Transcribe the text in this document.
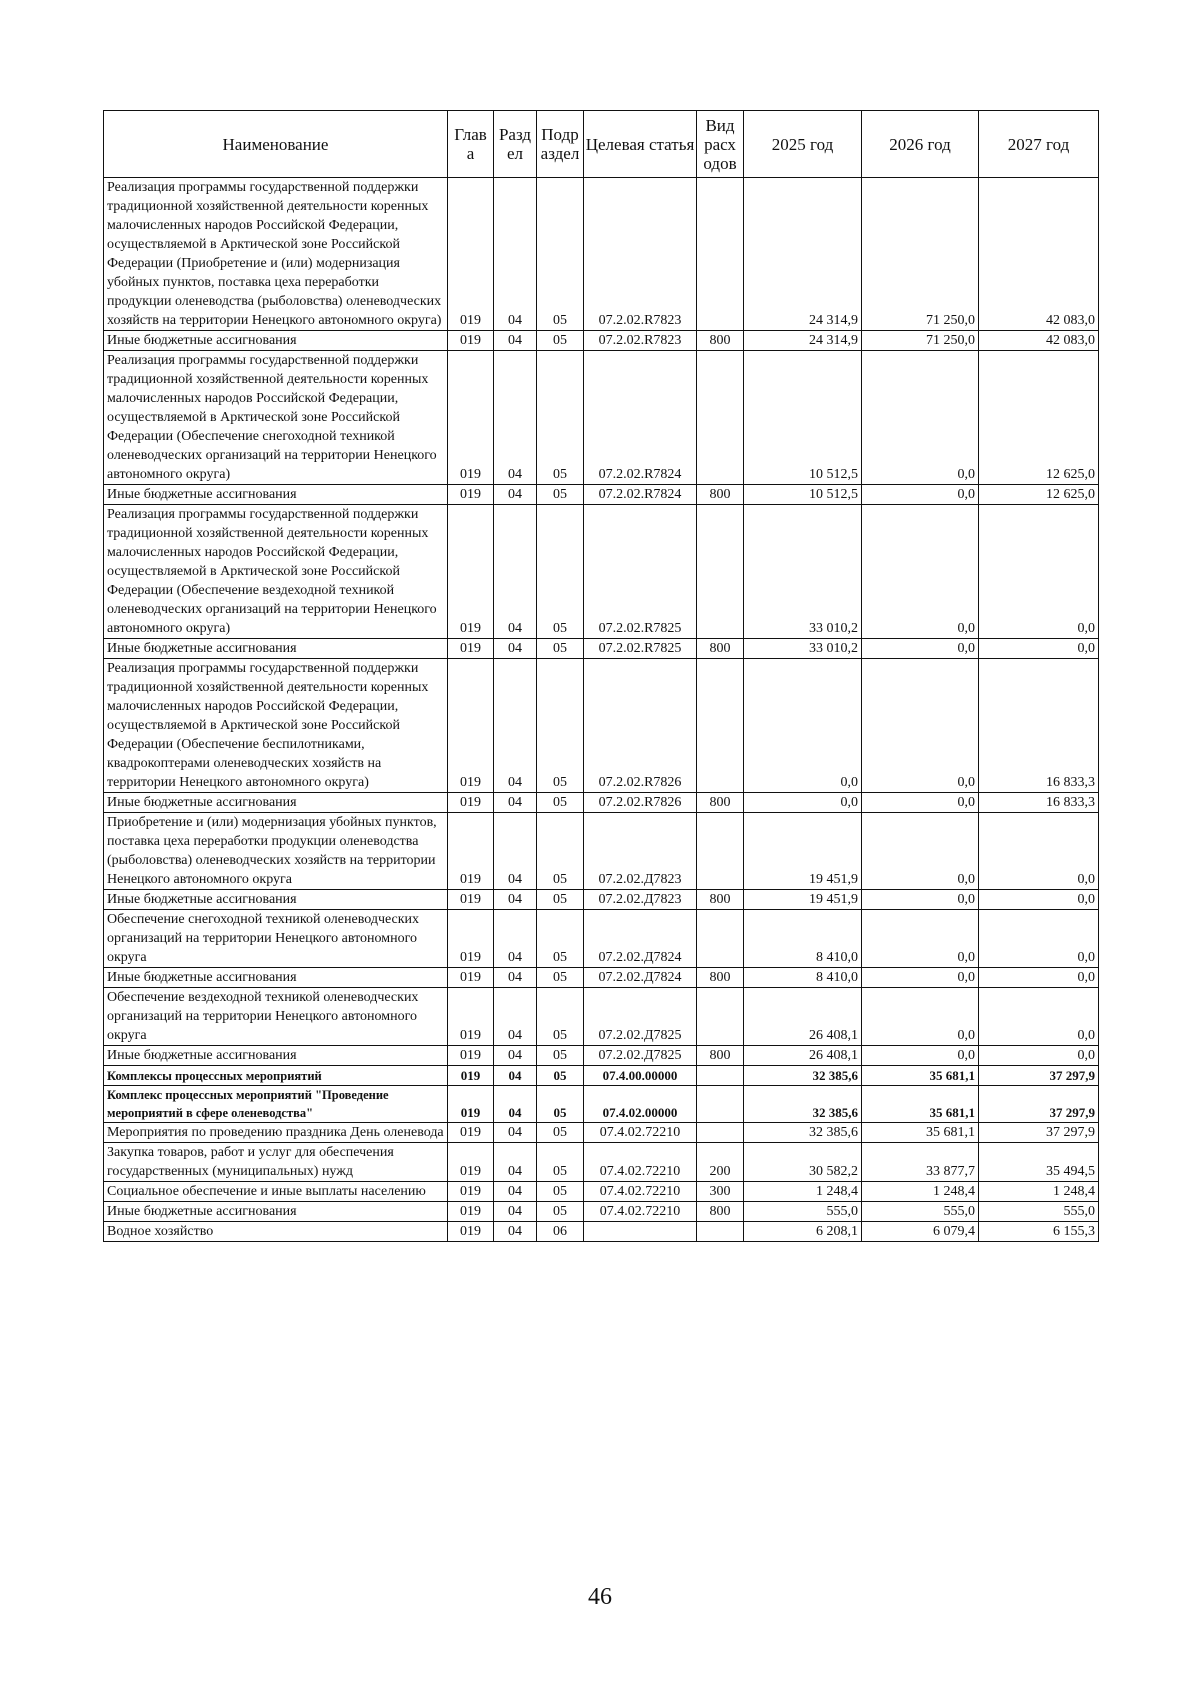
Наименование	Глав а	Разд ел	Подр аздел	Целевая статья	Вид расх одов	2025 год	2026 год	2027 год
Реализация программы государственной поддержки традиционной хозяйственной деятельности коренных малочисленных народов Российской Федерации, осуществляемой в Арктической зоне Российской Федерации (Приобретение и (или) модернизация убойных пунктов, поставка цеха переработки продукции оленеводства (рыболовства) оленеводческих хозяйств на территории Ненецкого автономного округа)	019	04	05	07.2.02.R7823		24 314,9	71 250,0	42 083,0
Иные бюджетные ассигнования	019	04	05	07.2.02.R7823	800	24 314,9	71 250,0	42 083,0
Реализация программы государственной поддержки традиционной хозяйственной деятельности коренных малочисленных народов Российской Федерации, осуществляемой в Арктической зоне Российской Федерации (Обеспечение снегоходной техникой оленеводческих организаций на территории Ненецкого автономного округа)	019	04	05	07.2.02.R7824		10 512,5	0,0	12 625,0
Иные бюджетные ассигнования	019	04	05	07.2.02.R7824	800	10 512,5	0,0	12 625,0
Реализация программы государственной поддержки традиционной хозяйственной деятельности коренных малочисленных народов Российской Федерации, осуществляемой в Арктической зоне Российской Федерации (Обеспечение вездеходной техникой оленеводческих организаций на территории Ненецкого автономного округа)	019	04	05	07.2.02.R7825		33 010,2	0,0	0,0
Иные бюджетные ассигнования	019	04	05	07.2.02.R7825	800	33 010,2	0,0	0,0
Реализация программы государственной поддержки традиционной хозяйственной деятельности коренных малочисленных народов Российской Федерации, осуществляемой в Арктической зоне Российской Федерации (Обеспечение беспилотниками, квадрокоптерами оленеводческих хозяйств на территории Ненецкого автономного округа)	019	04	05	07.2.02.R7826		0,0	0,0	16 833,3
Иные бюджетные ассигнования	019	04	05	07.2.02.R7826	800	0,0	0,0	16 833,3
Приобретение и (или) модернизация убойных пунктов, поставка цеха переработки продукции оленеводства (рыболовства) оленеводческих хозяйств на территории Ненецкого автономного округа	019	04	05	07.2.02.Д7823		19 451,9	0,0	0,0
Иные бюджетные ассигнования	019	04	05	07.2.02.Д7823	800	19 451,9	0,0	0,0
Обеспечение снегоходной техникой оленеводческих организаций на территории Ненецкого автономного округа	019	04	05	07.2.02.Д7824		8 410,0	0,0	0,0
Иные бюджетные ассигнования	019	04	05	07.2.02.Д7824	800	8 410,0	0,0	0,0
Обеспечение вездеходной техникой оленеводческих организаций на территории Ненецкого автономного округа	019	04	05	07.2.02.Д7825		26 408,1	0,0	0,0
Иные бюджетные ассигнования	019	04	05	07.2.02.Д7825	800	26 408,1	0,0	0,0
Комплексы процессных мероприятий	019	04	05	07.4.00.00000		32 385,6	35 681,1	37 297,9
Комплекс процессных мероприятий "Проведение мероприятий в сфере оленеводства"	019	04	05	07.4.02.00000		32 385,6	35 681,1	37 297,9
Мероприятия по проведению праздника День оленевода	019	04	05	07.4.02.72210		32 385,6	35 681,1	37 297,9
Закупка товаров, работ и услуг для обеспечения государственных (муниципальных) нужд	019	04	05	07.4.02.72210	200	30 582,2	33 877,7	35 494,5
Социальное обеспечение и иные выплаты населению	019	04	05	07.4.02.72210	300	1 248,4	1 248,4	1 248,4
Иные бюджетные ассигнования	019	04	05	07.4.02.72210	800	555,0	555,0	555,0
Водное хозяйство	019	04	06			6 208,1	6 079,4	6 155,3
46
